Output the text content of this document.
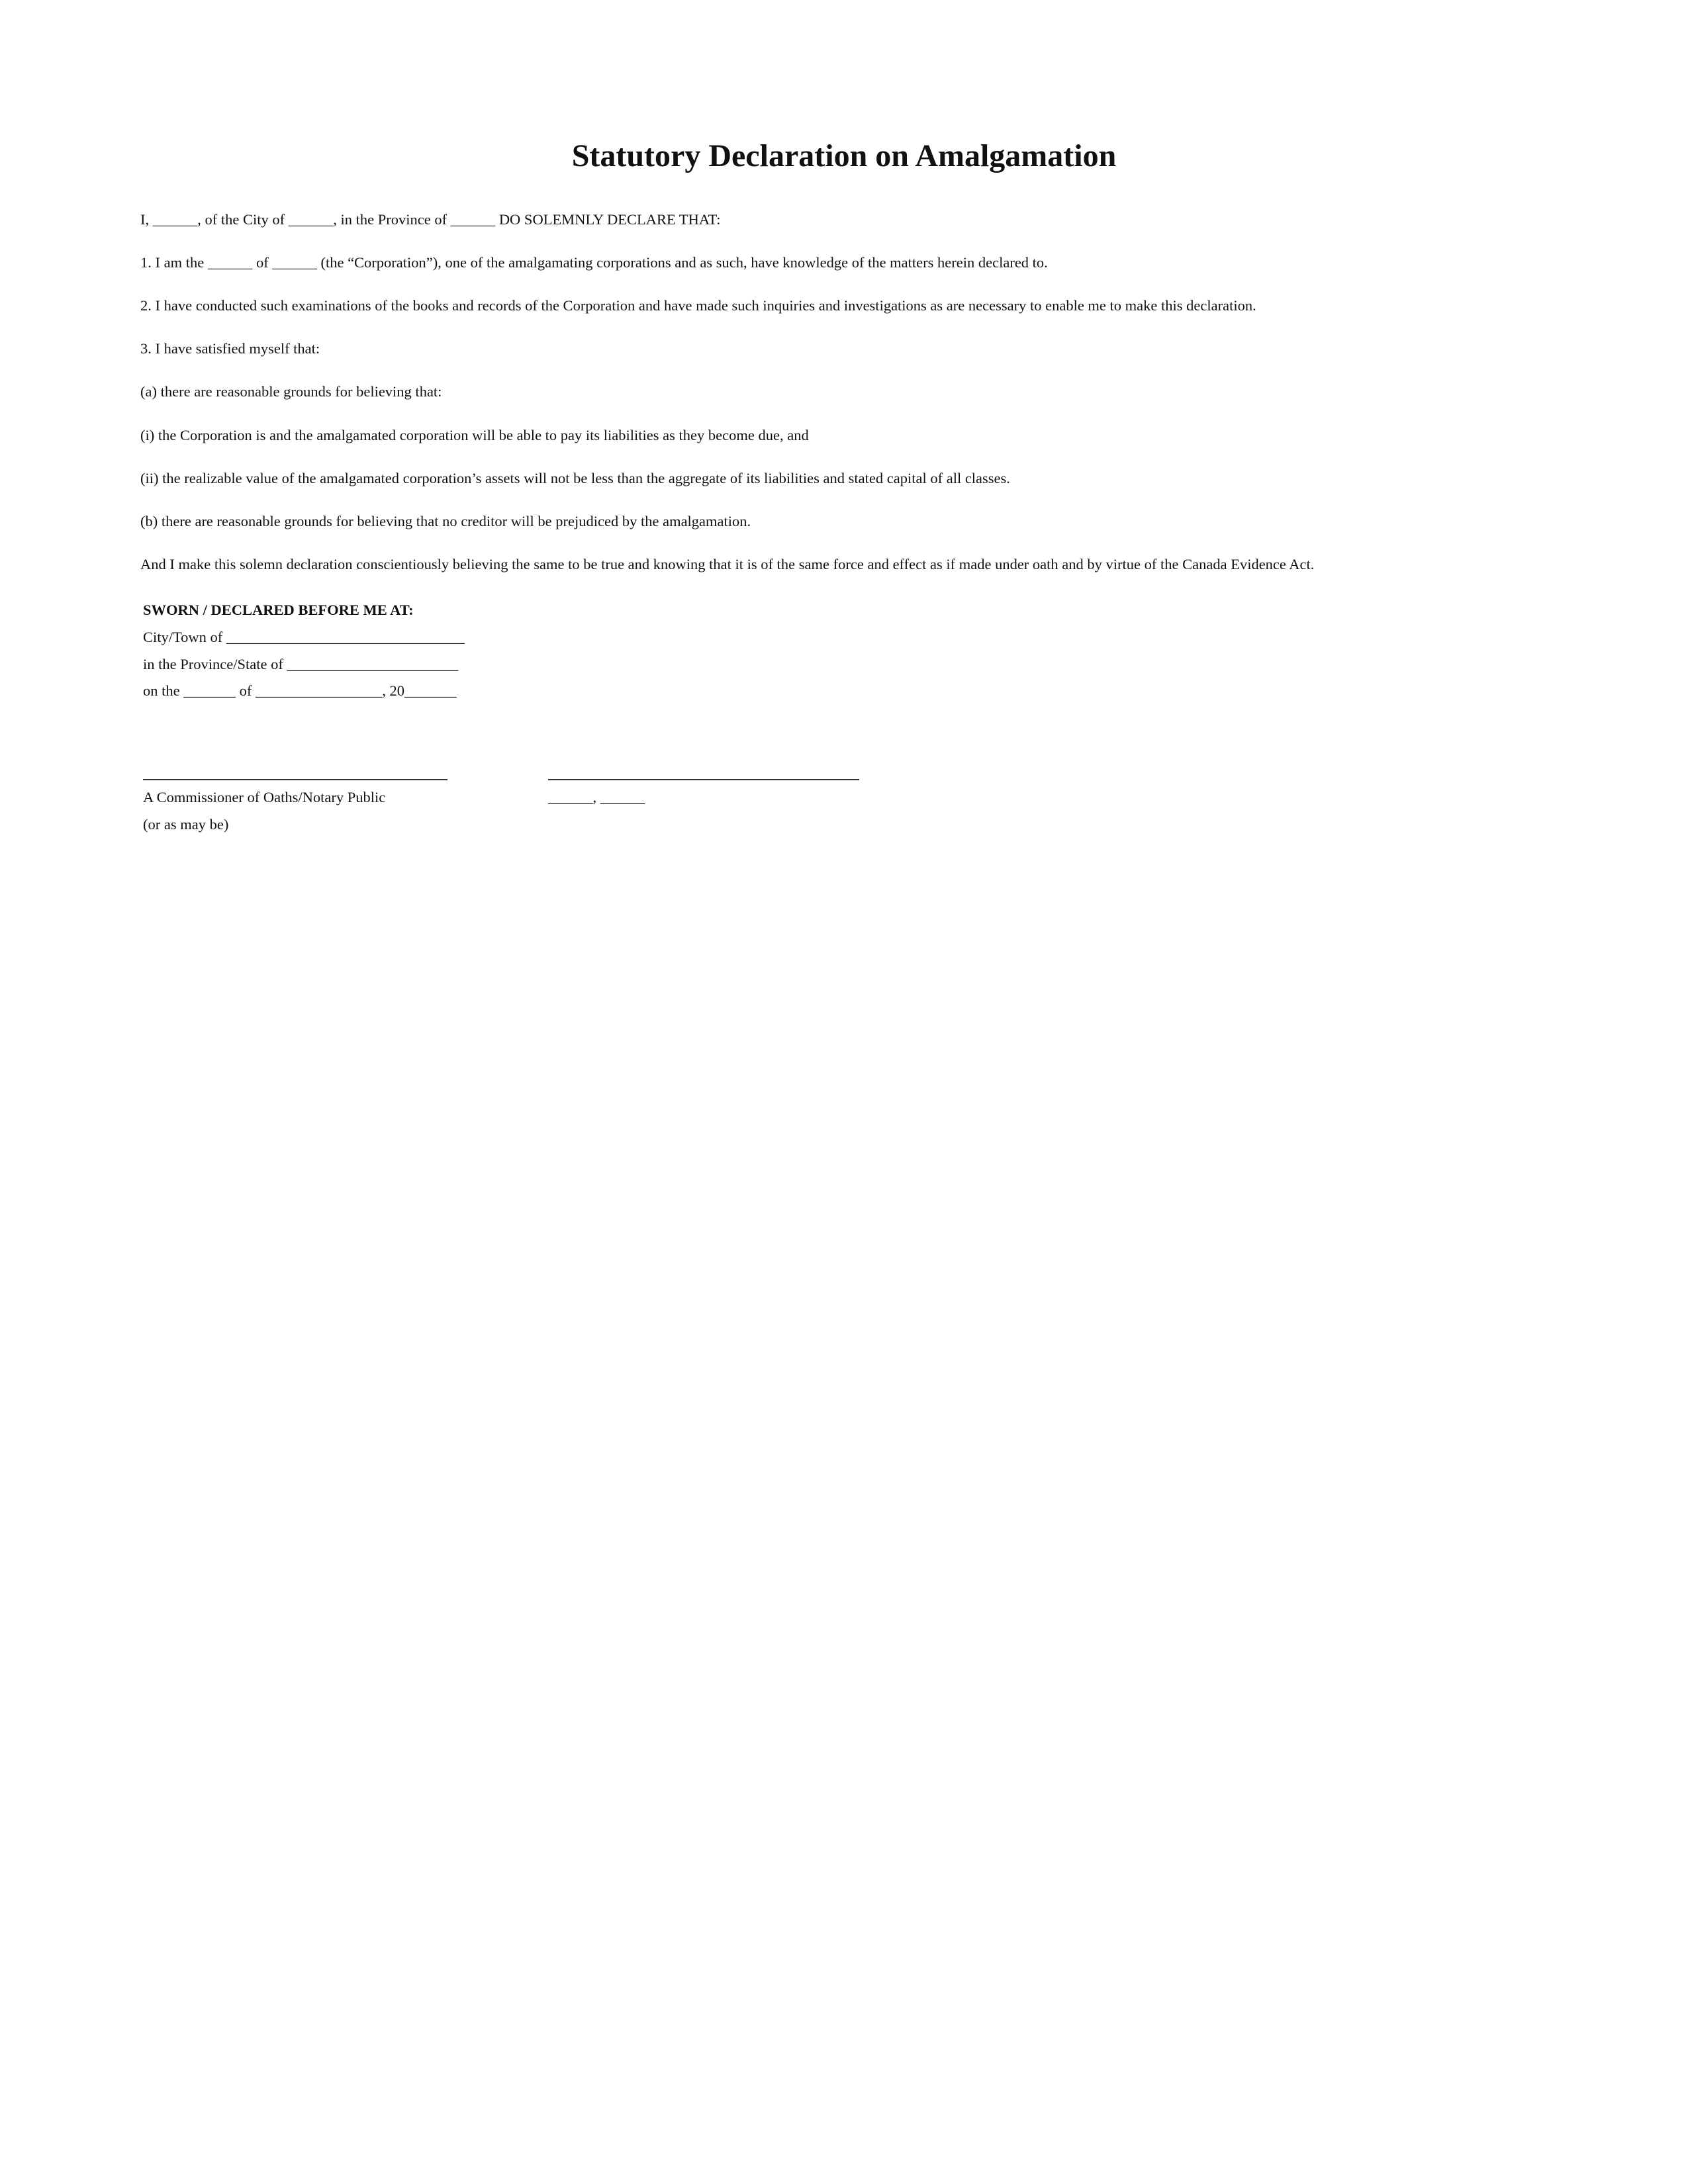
Statutory Declaration on Amalgamation
I, ______, of the City of ______, in the Province of ______ DO SOLEMNLY DECLARE THAT:
1. I am the ______ of ______ (the “Corporation”), one of the amalgamating corporations and as such, have knowledge of the matters herein declared to.
2. I have conducted such examinations of the books and records of the Corporation and have made such inquiries and investigations as are necessary to enable me to make this declaration.
3. I have satisfied myself that:
(a) there are reasonable grounds for believing that:
(i) the Corporation is and the amalgamated corporation will be able to pay its liabilities as they become due, and
(ii) the realizable value of the amalgamated corporation’s assets will not be less than the aggregate of its liabilities and stated capital of all classes.
(b) there are reasonable grounds for believing that no creditor will be prejudiced by the amalgamation.
And I make this solemn declaration conscientiously believing the same to be true and knowing that it is of the same force and effect as if made under oath and by virtue of the Canada Evidence Act.
SWORN / DECLARED BEFORE ME AT:
City/Town of ________________________________
in the Province/State of _______________________
on the _______ of _________________, 20_______
A Commissioner of Oaths/Notary Public
(or as may be)
______, ______
